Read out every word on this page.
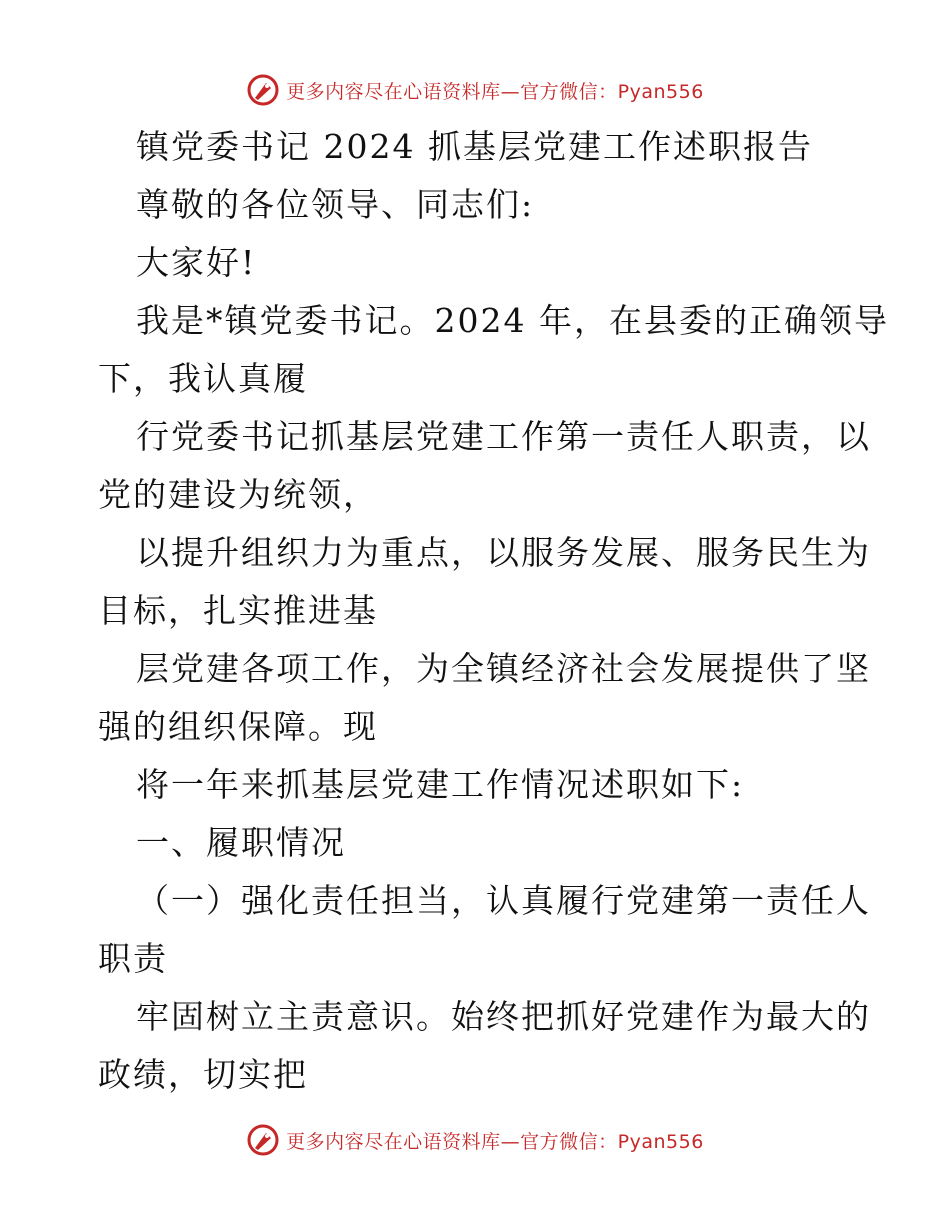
更多内容尽在心语资料库—官方微信：Pyan556
镇党委书记 2024 抓基层党建工作述职报告
尊敬的各位领导、同志们:
大家好!
我是*镇党委书记。2024 年，在县委的正确领导
下，我认真履
行党委书记抓基层党建工作第一责任人职责，以
党的建设为统领，
以提升组织力为重点，以服务发展、服务民生为
目标，扎实推进基
层党建各项工作，为全镇经济社会发展提供了坚
强的组织保障。现
将一年来抓基层党建工作情况述职如下:
一、履职情况
（一）强化责任担当，认真履行党建第一责任人
职责
牢固树立主责意识。始终把抓好党建作为最大的
政绩，切实把
更多内容尽在心语资料库—官方微信：Pyan556
